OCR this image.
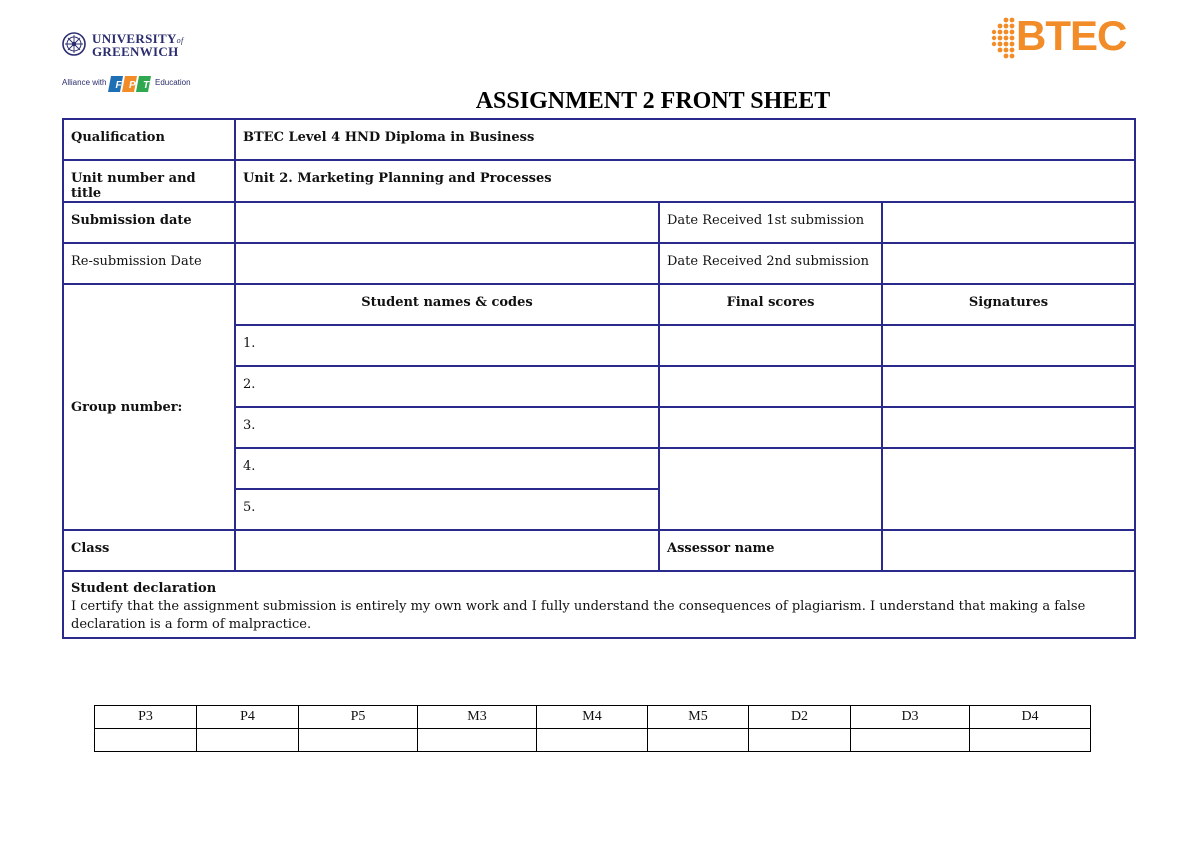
UNIVERSITYof
GREENWICH
Alliance with F P T Education
BTEC
ASSIGNMENT 2 FRONT SHEET
Qualification	BTEC Level 4 HND Diploma in Business		
Unit number and title	Unit 2. Marketing Planning and Processes		
Submission date		Date Received 1st submission	
Re-submission Date		Date Received 2nd submission	
Group number:	Student names & codes	Final scores	Signatures
	1.		
	2.		
	3.		
	4.		
	5.		
Class		Assessor name	

Student declaration
I certify that the assignment submission is entirely my own work and I fully understand the consequences of plagiarism. I understand that making a false declaration is a form of malpractice.			
P3	P4	P5	M3	M4	M5	D2	D3	D4
